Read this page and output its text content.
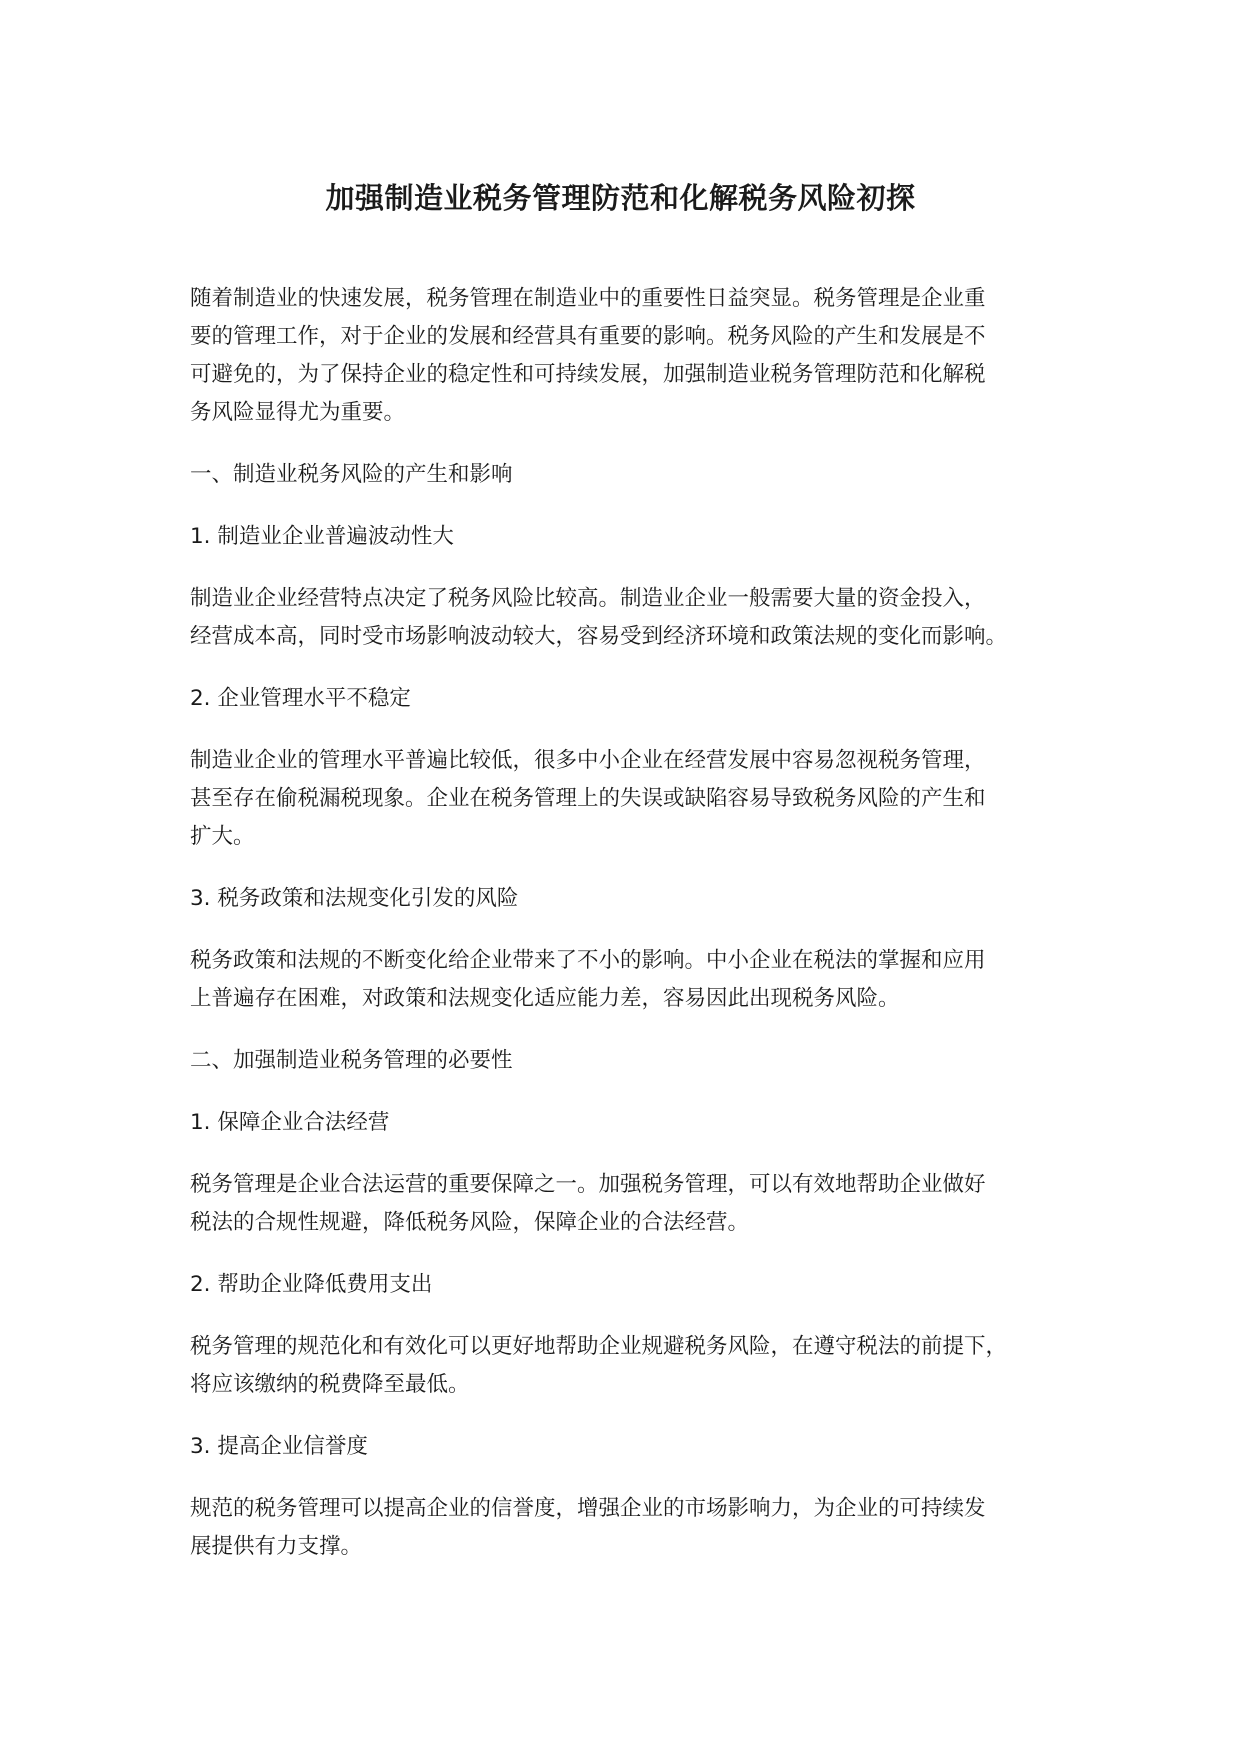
加强制造业税务管理防范和化解税务风险初探

随着制造业的快速发展，税务管理在制造业中的重要性日益突显。税务管理是企业重
要的管理工作，对于企业的发展和经营具有重要的影响。税务风险的产生和发展是不
可避免的，为了保持企业的稳定性和可持续发展，加强制造业税务管理防范和化解税
务风险显得尤为重要。

一、制造业税务风险的产生和影响

1. 制造业企业普遍波动性大

制造业企业经营特点决定了税务风险比较高。制造业企业一般需要大量的资金投入，
经营成本高，同时受市场影响波动较大，容易受到经济环境和政策法规的变化而影响。

2. 企业管理水平不稳定

制造业企业的管理水平普遍比较低，很多中小企业在经营发展中容易忽视税务管理，
甚至存在偷税漏税现象。企业在税务管理上的失误或缺陷容易导致税务风险的产生和
扩大。

3. 税务政策和法规变化引发的风险

税务政策和法规的不断变化给企业带来了不小的影响。中小企业在税法的掌握和应用
上普遍存在困难，对政策和法规变化适应能力差，容易因此出现税务风险。

二、加强制造业税务管理的必要性

1. 保障企业合法经营

税务管理是企业合法运营的重要保障之一。加强税务管理，可以有效地帮助企业做好
税法的合规性规避，降低税务风险，保障企业的合法经营。

2. 帮助企业降低费用支出

税务管理的规范化和有效化可以更好地帮助企业规避税务风险，在遵守税法的前提下，
将应该缴纳的税费降至最低。

3. 提高企业信誉度

规范的税务管理可以提高企业的信誉度，增强企业的市场影响力，为企业的可持续发
展提供有力支撑。
